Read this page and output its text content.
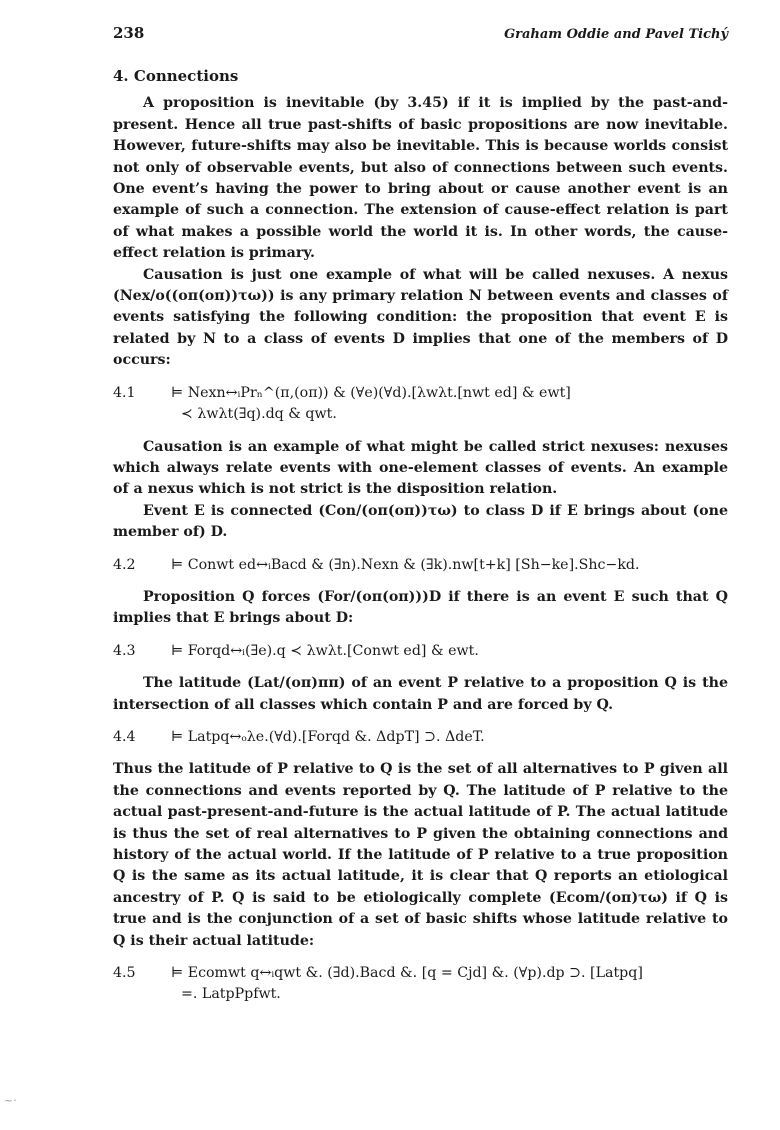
238	Graham Oddie and Pavel Tichý
4. Connections

A proposition is inevitable (by 3.45) if it is implied by the past-and-present. Hence all true past-shifts of basic propositions are now inevitable. However, future-shifts may also be inevitable. This is because worlds consist not only of observable events, but also of connections between such events. One event’s having the power to bring about or cause another event is an example of such a connection. The extension of cause-effect relation is part of what makes a possible world the world it is. In other words, the cause-effect relation is primary.

Causation is just one example of what will be called nexuses. A nexus (Nex/o((oπ(oπ))τω)) is any primary relation N between events and classes of events satisfying the following condition: the proposition that event E is related by N to a class of events D implies that one of the members of D occurs:

4.1	⊨ Nexn↔ᵢPrₙ^(π,(oπ)) & (∀e)(∀d).[λwλt.[nwt ed] & ewt]
≺ λwλt(∃q).dq & qwt.

Causation is an example of what might be called strict nexuses: nexuses which always relate events with one-element classes of events. An example of a nexus which is not strict is the disposition relation.

Event E is connected (Con/(oπ(oπ))τω) to class D if E brings about (one member of) D.

4.2	⊨ Conwt ed↔ᵢBacd & (∃n).Nexn & (∃k).nw[t+k] [Sh−ke].Shc−kd.

Proposition Q forces (For/(oπ(oπ)))D if there is an event E such that Q implies that E brings about D:

4.3	⊨ Forqd↔ᵢ(∃e).q ≺ λwλt.[Conwt ed] & ewt.

The latitude (Lat/(oπ)ππ) of an event P relative to a proposition Q is the intersection of all classes which contain P and are forced by Q.

4.4	⊨ Latpq↔ₒλe.(∀d).[Forqd &. ΔdpT] ⊃. ΔdeT.

Thus the latitude of P relative to Q is the set of all alternatives to P given all the connections and events reported by Q. The latitude of P relative to the actual past-present-and-future is the actual latitude of P. The actual latitude is thus the set of real alternatives to P given the obtaining connections and history of the actual world. If the latitude of P relative to a true proposition Q is the same as its actual latitude, it is clear that Q reports an etiological ancestry of P. Q is said to be etiologically complete (Ecom/(oπ)τω) if Q is true and is the conjunction of a set of basic shifts whose latitude relative to Q is their actual latitude:

4.5	⊨ Ecomwt q↔ᵢqwt &. (∃d).Bacd &. [q = Cjd] &. (∀p).dp ⊃. [Latpq]
=. LatpPpfwt.
~·
